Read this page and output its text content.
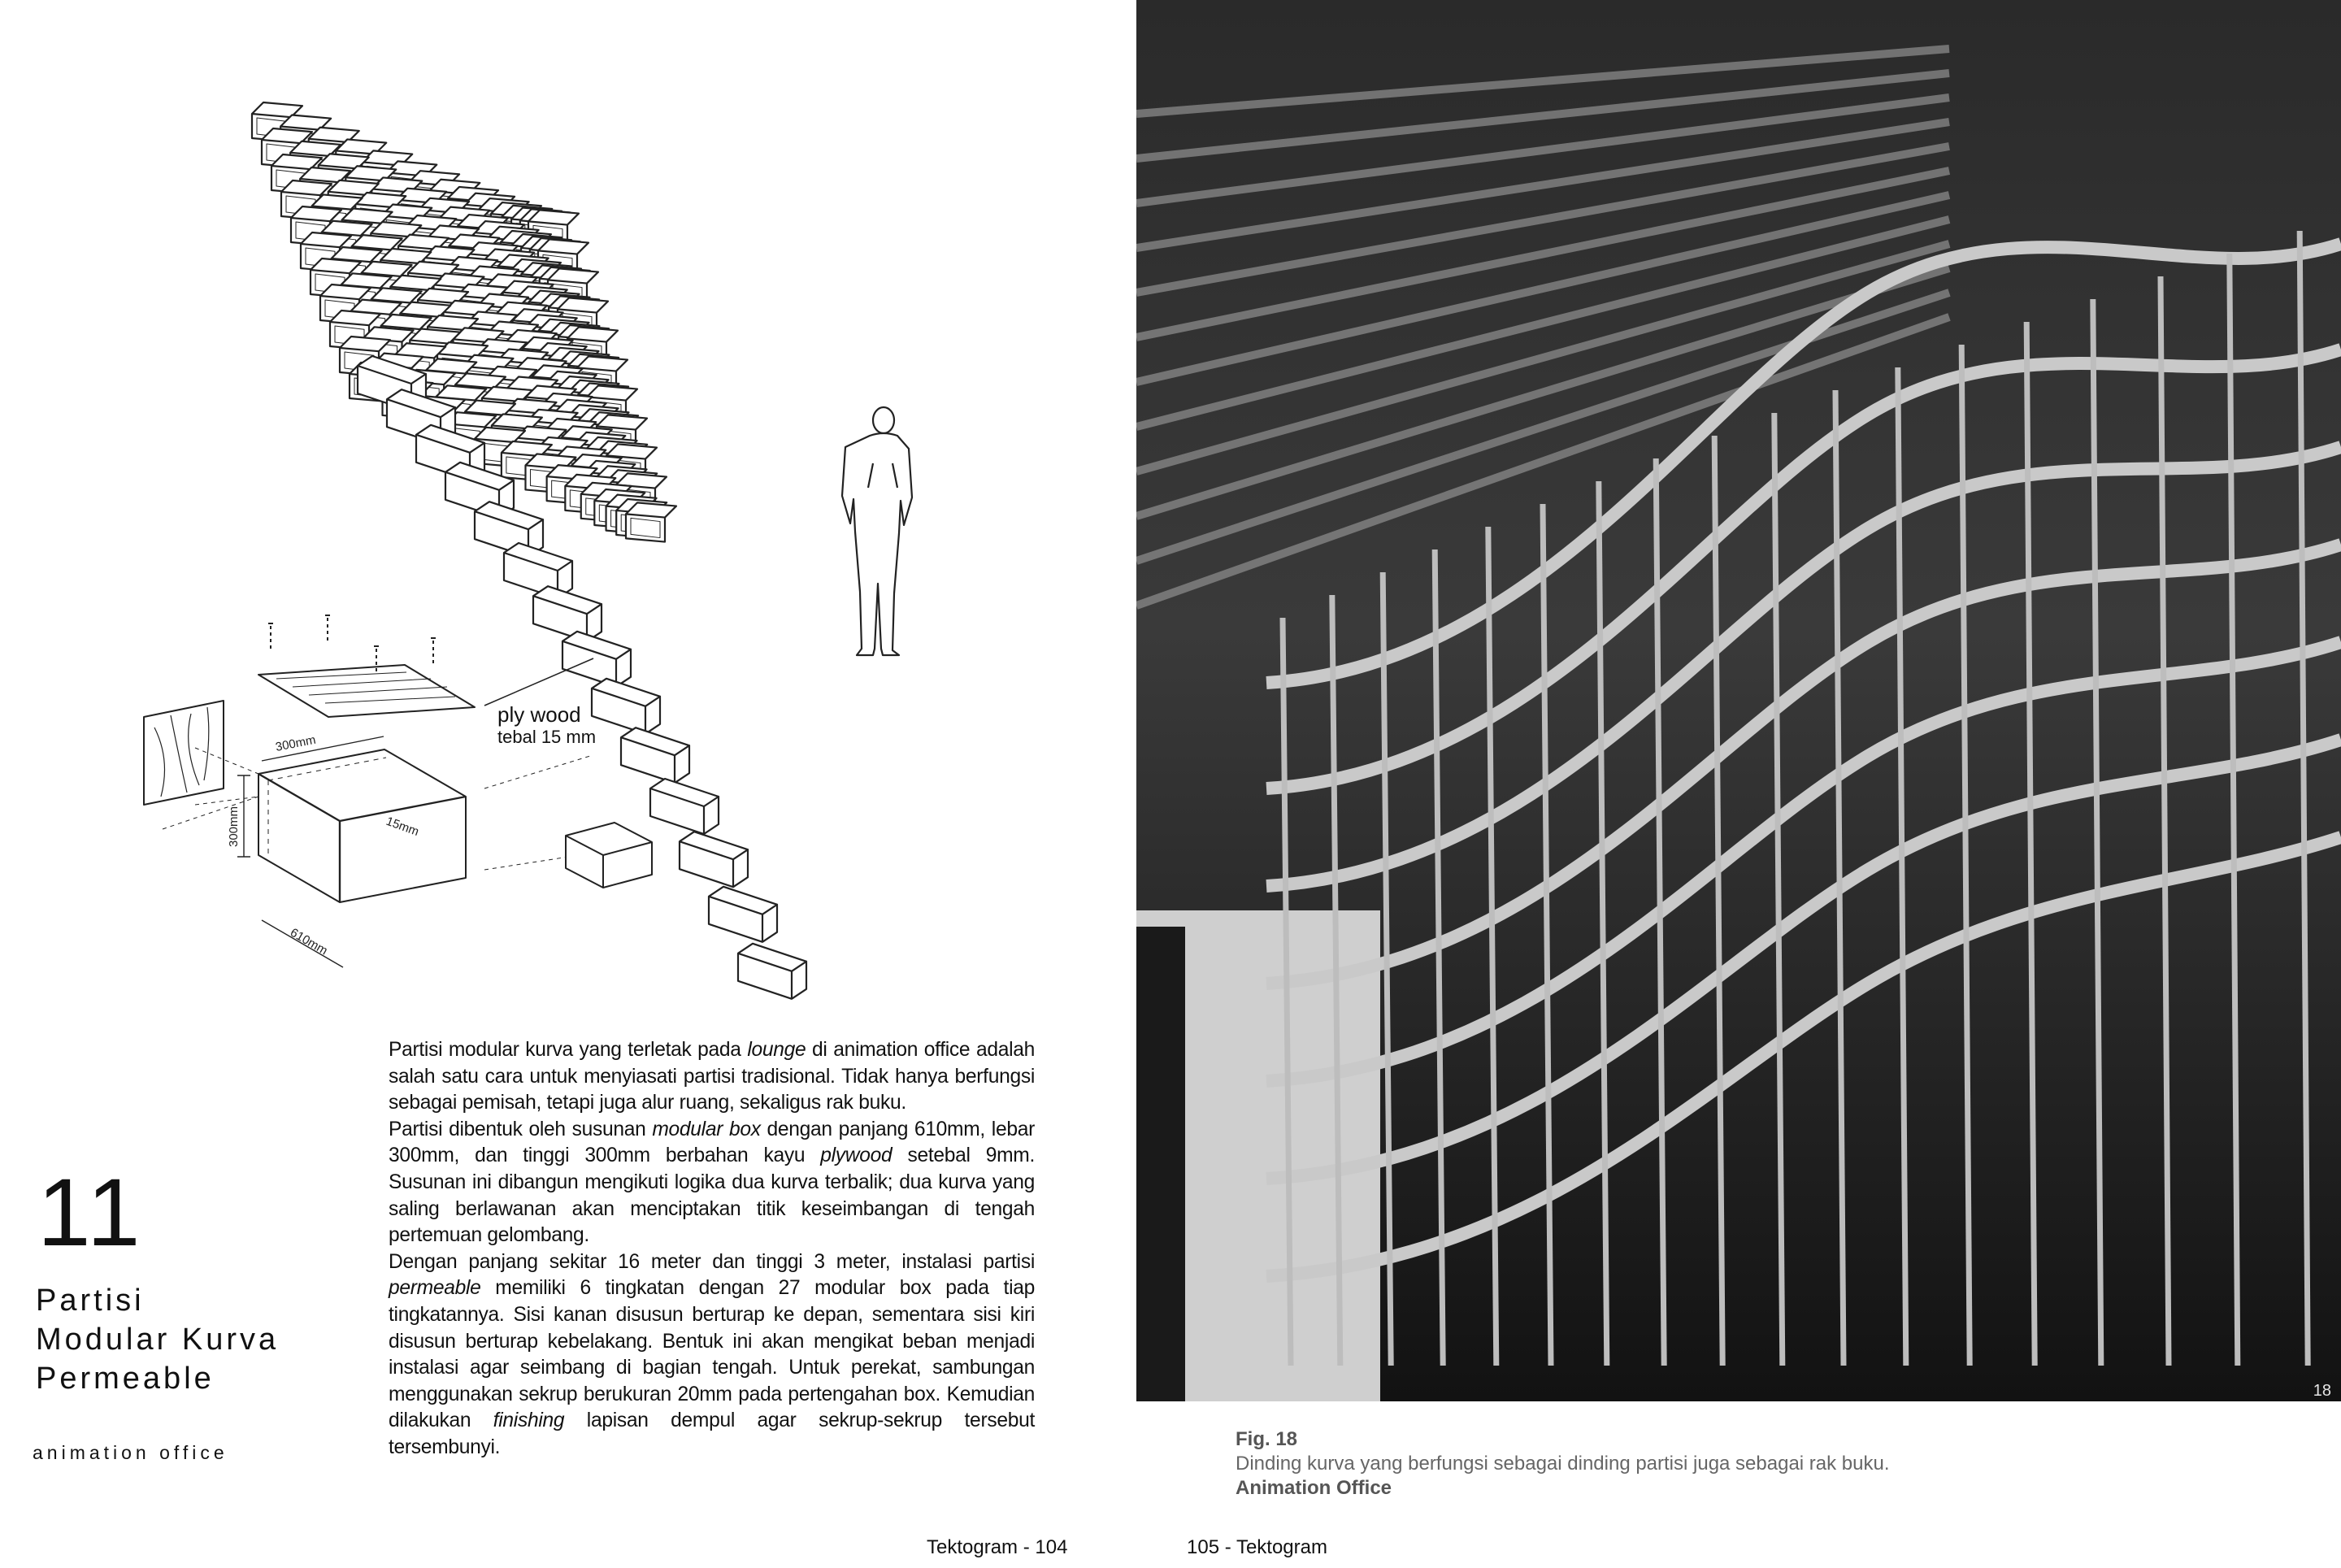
300mm
300mm
610mm
15mm
ply wood
tebal 15 mm
11
Partisi
Modular Kurva
Permeable
animation office

Partisi modular kurva yang terletak pada lounge di animation office adalah salah satu cara untuk menyiasati partisi tradisional. Tidak hanya berfungsi sebagai pemisah, tetapi juga alur ruang, sekaligus rak buku.

Partisi dibentuk oleh susunan modular box dengan panjang 610mm, lebar 300mm, dan tinggi 300mm berbahan kayu plywood setebal 9mm. Susunan ini dibangun mengikuti logika dua kurva terbalik; dua kurva yang saling berlawanan akan menciptakan titik keseimbangan di tengah pertemuan gelombang.

Dengan panjang sekitar 16 meter dan tinggi 3 meter, instalasi partisi permeable memiliki 6 tingkatan dengan 27 modular box pada tiap tingkatannya. Sisi kanan disusun berturap ke depan, sementara sisi kiri disusun berturap kebelakang. Bentuk ini akan mengikat beban menjadi instalasi agar seimbang di bagian tengah. Untuk perekat, sambungan menggunakan sekrup berukuran 20mm pada pertengahan box. Kemudian dilakukan finishing lapisan dempul agar sekrup-sekrup tersebut tersembunyi.

Tektogram - 104
18
Fig. 18
Dinding kurva yang berfungsi sebagai dinding partisi juga sebagai rak buku.
Animation Office
105 - Tektogram
